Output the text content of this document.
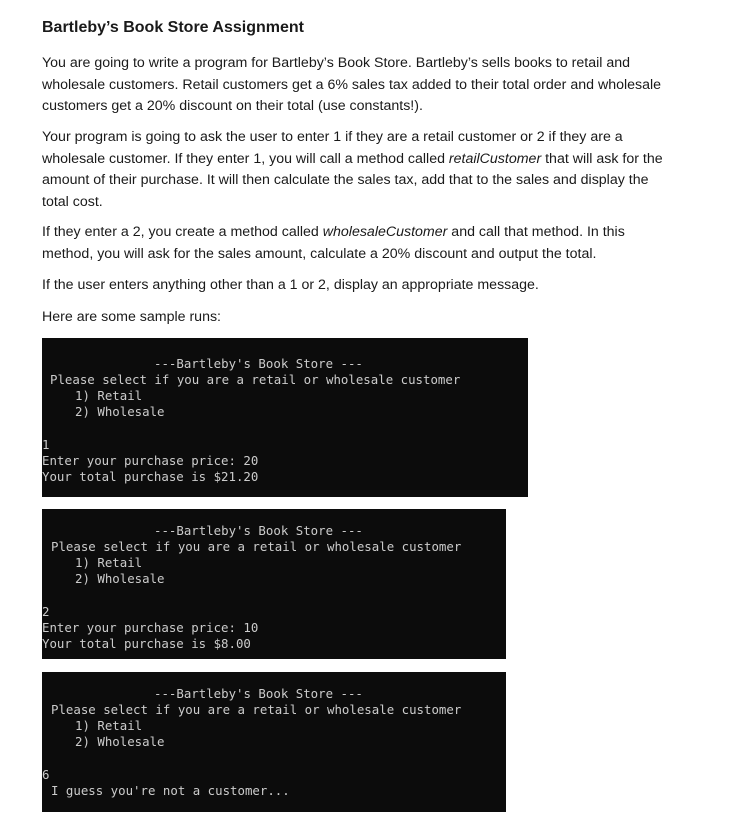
Bartleby’s Book Store Assignment

You are going to write a program for Bartleby’s Book Store. Bartleby’s sells books to retail and wholesale customers. Retail customers get a 6% sales tax added to their total order and wholesale customers get a 20% discount on their total (use constants!).

Your program is going to ask the user to enter 1 if they are a retail customer or 2 if they are a wholesale customer. If they enter 1, you will call a method called retailCustomer that will ask for the amount of their purchase. It will then calculate the sales tax, add that to the sales and display the total cost.

If they enter a 2, you create a method called wholesaleCustomer and call that method. In this method, you will ask for the sales amount, calculate a 20% discount and output the total.

If the user enters anything other than a 1 or 2, display an appropriate message.

Here are some sample runs:

---Bartleby's Book Store ---
Please select if you are a retail or wholesale customer
1) Retail
2) Wholesale
1
Enter your purchase price: 20
Your total purchase is $21.20
---Bartleby's Book Store ---
Please select if you are a retail or wholesale customer
1) Retail
2) Wholesale
2
Enter your purchase price: 10
Your total purchase is $8.00
---Bartleby's Book Store ---
Please select if you are a retail or wholesale customer
1) Retail
2) Wholesale
6
I guess you're not a customer...
